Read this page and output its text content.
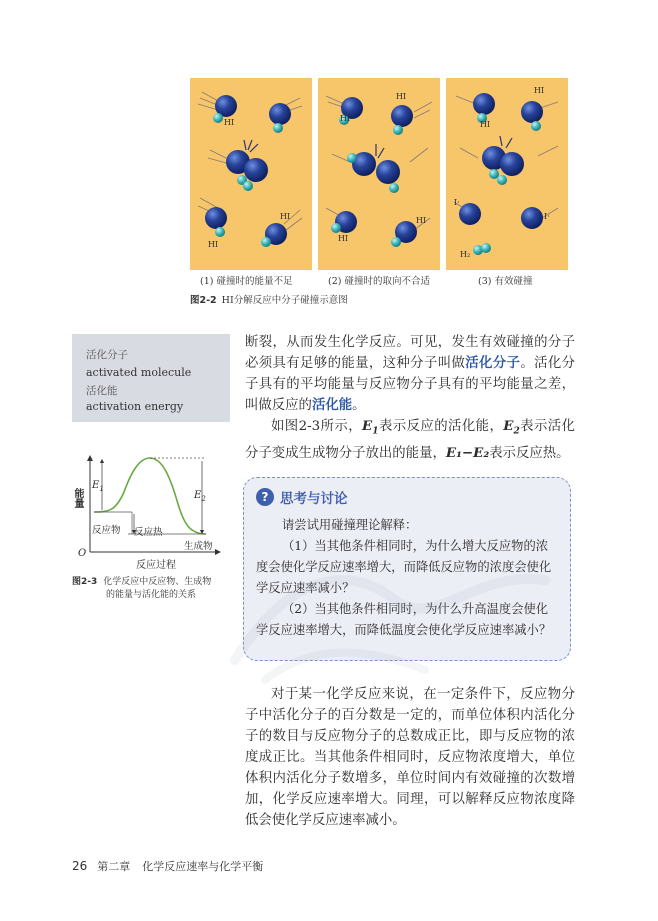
HI
HI
HI
HI
HI
HI
HI
HI
HI
I·
I·
H₂
(1) 碰撞时的能量不足	(2) 碰撞时的取向不合适	(3) 有效碰撞
图2-2 HI分解反应中分子碰撞示意图
活化分子
activated molecule
活化能
activation energy
能量
$E_1$
$E_2$
反应物 反应热
生成物
O
反应过程
图2-3 化学反应中反应物、生成物
的能量与活化能的关系
断裂，从而发生化学反应。可见，发生有效碰撞的分子必须具有足够的能量，这种分子叫做活化分子。活化分子具有的平均能量与反应物分子具有的平均能量之差，叫做反应的活化能。
如图2-3所示，$E_1$表示反应的活化能，$E_2$表示活化分子变成生成物分子放出的能量，E₁−E₂表示反应热。
? 思考与讨论
请尝试用碰撞理论解释：
（1）当其他条件相同时，为什么增大反应物的浓度会使化学反应速率增大，而降低反应物的浓度会使化学反应速率减小？
（2）当其他条件相同时，为什么升高温度会使化学反应速率增大，而降低温度会使化学反应速率减小？
对于某一化学反应来说，在一定条件下，反应物分子中活化分子的百分数是一定的，而单位体积内活化分子的数目与反应物分子的总数成正比，即与反应物的浓度成正比。当其他条件相同时，反应物浓度增大，单位体积内活化分子数增多，单位时间内有效碰撞的次数增加，化学反应速率增大。同理，可以解释反应物浓度降低会使化学反应速率减小。
26 第二章 化学反应速率与化学平衡
